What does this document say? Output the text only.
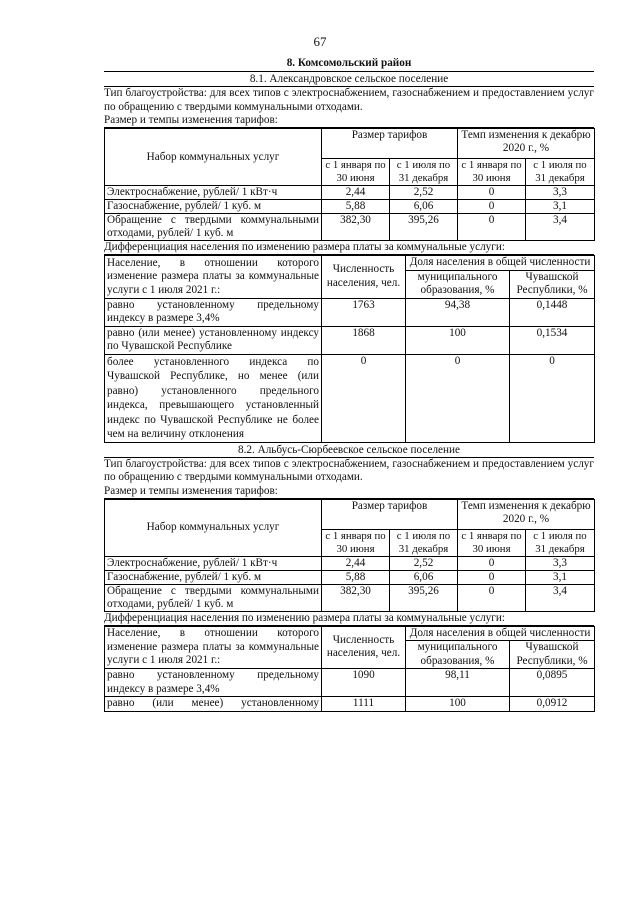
67
8. Комсомольский район
8.1. Александровское сельское поселение
Тип благоустройства: для всех типов с электроснабжением, газоснабжением и предоставлением услуг по обращению с твердыми коммунальными отходами.
Размер и темпы изменения тарифов:
Набор коммунальных услуг	Размер тарифов		Темп изменения к декабрю 2020 г., %	
	с 1 января по 30 июня	с 1 июля по 31 декабря	с 1 января по 30 июня	с 1 июля по 31 декабря
Электроснабжение, рублей/ 1 кВт·ч	2,44	2,52	0	3,3
Газоснабжение, рублей/ 1 куб. м	5,88	6,06	0	3,1
Обращение с твердыми коммунальными отходами, рублей/ 1 куб. м	382,30	395,26	0	3,4
Дифференциация населения по изменению размера платы за коммунальные услуги:
Население, в отношении которого изменение размера платы за коммунальные услуги с 1 июля 2021 г.:	Численность населения, чел.	Доля населения в общей численности	
		муниципального образования, %	Чувашской Республики, %
равно установленному предельному индексу в размере 3,4%	1763	94,38	0,1448
равно (или менее) установленному индексу по Чувашской Республике	1868	100	0,1534
более установленного индекса по Чувашской Республике, но менее (или равно) установленного предельного индекса, превышающего установленный индекс по Чувашской Республике не более чем на величину отклонения	0	0	0
8.2. Альбусь-Сюрбеевское сельское поселение
Тип благоустройства: для всех типов с электроснабжением, газоснабжением и предоставлением услуг по обращению с твердыми коммунальными отходами.
Размер и темпы изменения тарифов:
Набор коммунальных услуг	Размер тарифов		Темп изменения к декабрю 2020 г., %	
	с 1 января по 30 июня	с 1 июля по 31 декабря	с 1 января по 30 июня	с 1 июля по 31 декабря
Электроснабжение, рублей/ 1 кВт·ч	2,44	2,52	0	3,3
Газоснабжение, рублей/ 1 куб. м	5,88	6,06	0	3,1
Обращение с твердыми коммунальными отходами, рублей/ 1 куб. м	382,30	395,26	0	3,4
Дифференциация населения по изменению размера платы за коммунальные услуги:
Население, в отношении которого изменение размера платы за коммунальные услуги с 1 июля 2021 г.:	Численность населения, чел.	Доля населения в общей численности	
		муниципального образования, %	Чувашской Республики, %
равно установленному предельному индексу в размере 3,4%	1090	98,11	0,0895
равно (или менее) установленному	1111	100	0,0912
